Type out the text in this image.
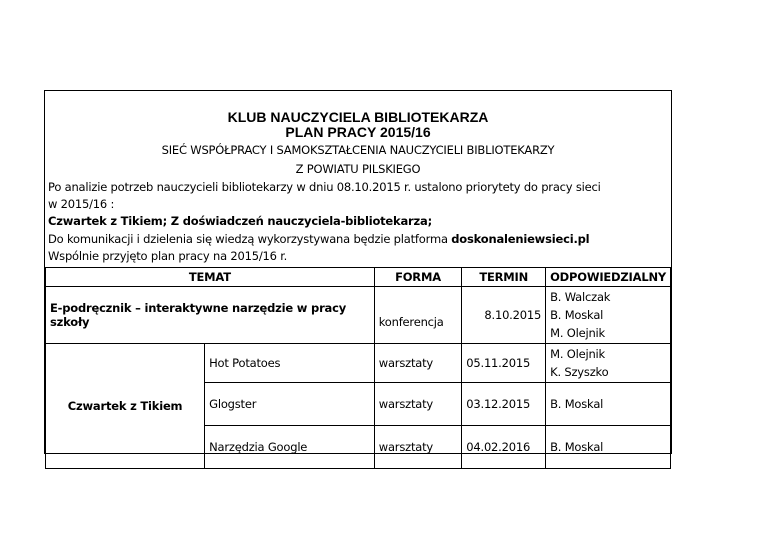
KLUB NAUCZYCIELA BIBLIOTEKARZA
PLAN PRACY 2015/16
SIEĆ WSPÓŁPRACY I SAMOKSZTAŁCENIA NAUCZYCIELI BIBLIOTEKARZY
Z POWIATU PILSKIEGO
Po analizie potrzeb nauczycieli bibliotekarzy w dniu 08.10.2015 r. ustalono priorytety do pracy sieci
w 2015/16 :
Czwartek z Tikiem; Z doświadczeń nauczyciela-bibliotekarza;
Do komunikacji i dzielenia się wiedzą wykorzystywana będzie platforma doskonaleniewsieci.pl
Wspólnie przyjęto plan pracy na 2015/16 r.
TEMAT		FORMA	TERMIN	ODPOWIEDZIALNY
E-podręcznik – interaktywne narzędzie w pracy szkoły		konferencja	8.10.2015	B. Walczak
B. Moskal
M. Olejnik

Czwartek z Tikiem	Hot Potatoes	warsztaty	05.11.2015	M. Olejnik
K. Szyszko

	Glogster	warsztaty	03.12.2015	B. Moskal
	Narzędzia Google	warsztaty	04.02.2016	B. Moskal
